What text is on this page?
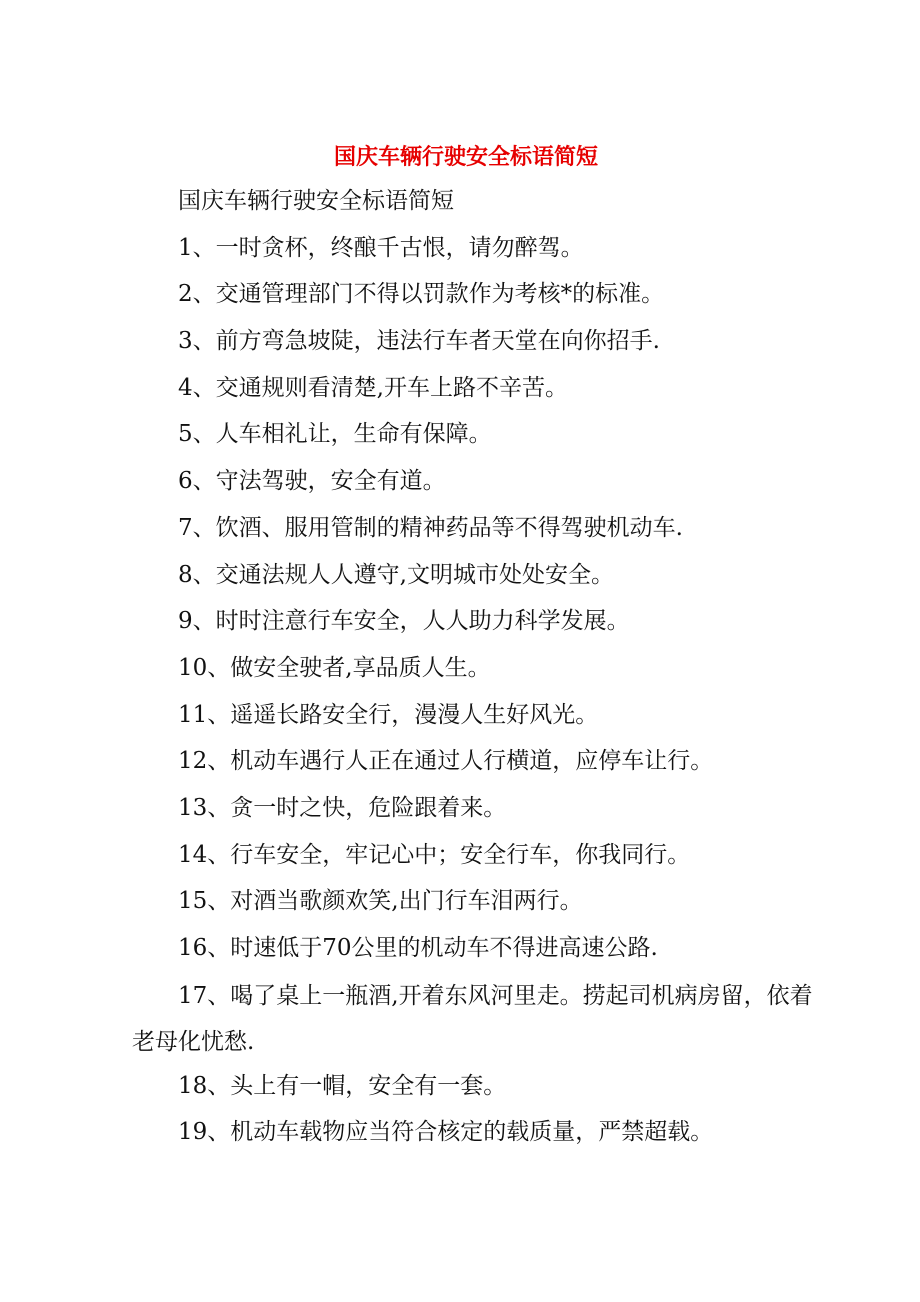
国庆车辆行驶安全标语简短

国庆车辆行驶安全标语简短

1、一时贪杯，终酿千古恨，请勿醉驾。

2、交通管理部门不得以罚款作为考核*的标准。

3、前方弯急坡陡，违法行车者天堂在向你招手.

4、交通规则看清楚,开车上路不辛苦。

5、人车相礼让，生命有保障。

6、守法驾驶，安全有道。

7、饮酒、服用管制的精神药品等不得驾驶机动车.

8、交通法规人人遵守,文明城市处处安全。

9、时时注意行车安全，人人助力科学发展。

10、做安全驶者,享品质人生。

11、遥遥长路安全行，漫漫人生好风光。

12、机动车遇行人正在通过人行横道，应停车让行。

13、贪一时之快，危险跟着来。

14、行车安全，牢记心中；安全行车，你我同行。

15、对酒当歌颜欢笑,出门行车泪两行。

16、时速低于70公里的机动车不得进高速公路.

17、喝了桌上一瓶酒,开着东风河里走。捞起司机病房留，依着老母化忧愁.

18、头上有一帽，安全有一套。

19、机动车载物应当符合核定的载质量，严禁超载。
